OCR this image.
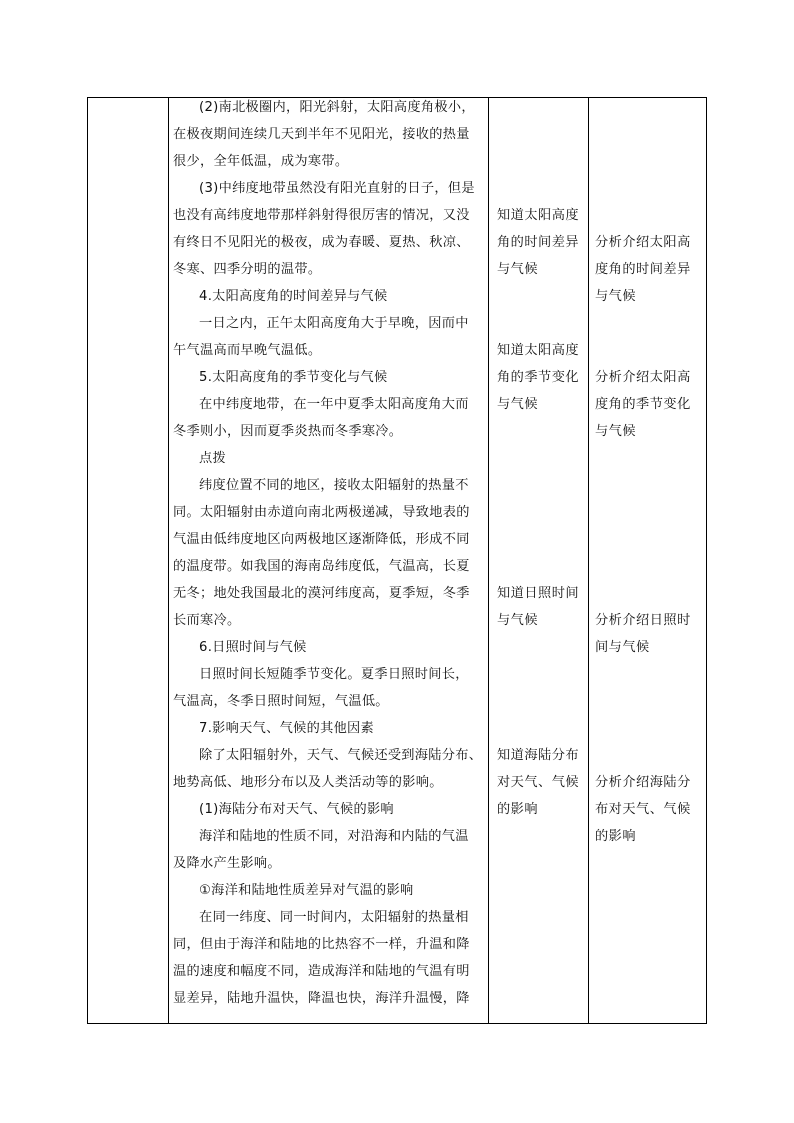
(2)南北极圈内，阳光斜射，太阳高度角极小，
在极夜期间连续几天到半年不见阳光，接收的热量
很少，全年低温，成为寒带。
(3)中纬度地带虽然没有阳光直射的日子，但是
也没有高纬度地带那样斜射得很厉害的情况，又没
有终日不见阳光的极夜，成为春暖、夏热、秋凉、
冬寒、四季分明的温带。
4.太阳高度角的时间差异与气候
一日之内，正午太阳高度角大于早晚，因而中
午气温高而早晚气温低。
5.太阳高度角的季节变化与气候
在中纬度地带，在一年中夏季太阳高度角大而
冬季则小，因而夏季炎热而冬季寒冷。
点拨
纬度位置不同的地区，接收太阳辐射的热量不
同。太阳辐射由赤道向南北两极递减，导致地表的
气温由低纬度地区向两极地区逐渐降低，形成不同
的温度带。如我国的海南岛纬度低，气温高，长夏
无冬；地处我国最北的漠河纬度高，夏季短，冬季
长而寒冷。
6.日照时间与气候
日照时间长短随季节变化。夏季日照时间长，
气温高，冬季日照时间短，气温低。
7.影响天气、气候的其他因素
除了太阳辐射外，天气、气候还受到海陆分布、
地势高低、地形分布以及人类活动等的影响。
(1)海陆分布对天气、气候的影响
海洋和陆地的性质不同，对沿海和内陆的气温
及降水产生影响。
①海洋和陆地性质差异对气温的影响
在同一纬度、同一时间内，太阳辐射的热量相
同，但由于海洋和陆地的比热容不一样，升温和降
温的速度和幅度不同，造成海洋和陆地的气温有明
显差异，陆地升温快，降温也快，海洋升温慢，降
知道太阳高度
角的时间差异
与气候
知道太阳高度
角的季节变化
与气候
知道日照时间
与气候
知道海陆分布
对天气、气候
的影响
分析介绍太阳高
度角的时间差异
与气候
分析介绍太阳高
度角的季节变化
与气候
分析介绍日照时
间与气候
分析介绍海陆分
布对天气、气候
的影响
